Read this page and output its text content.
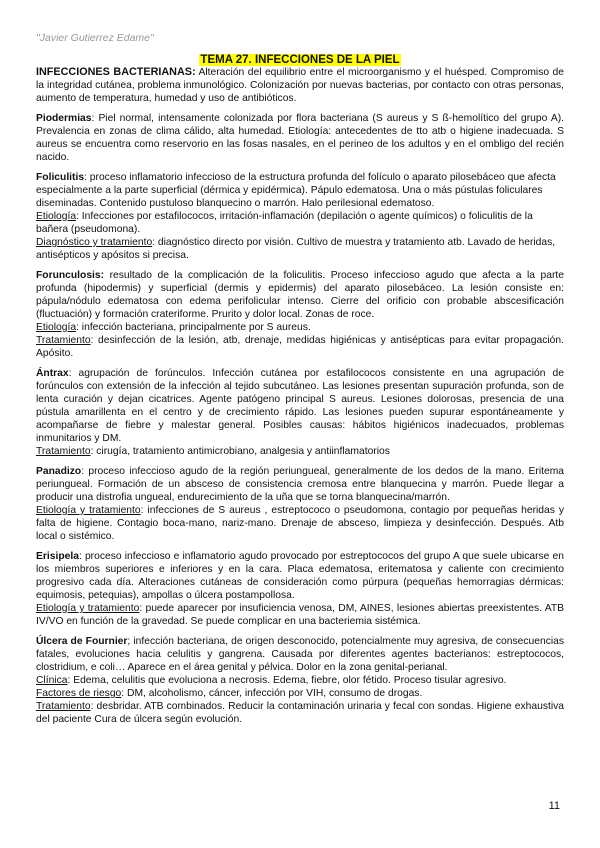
"Javier Gutierrez Edame"
TEMA 27. INFECCIONES DE LA PIEL

INFECCIONES BACTERIANAS: Alteración del equilibrio entre el microorganismo y el huésped. Compromiso de la integridad cutánea, problema inmunológico. Colonización por nuevas bacterias, por contacto con otras personas, aumento de temperatura, humedad y uso de antibióticos.

Piodermias: Piel normal, intensamente colonizada por flora bacteriana (S aureus y S ß-hemolítico del grupo A). Prevalencia en zonas de clima cálido, alta humedad. Etiología: antecedentes de tto atb o higiene inadecuada. S aureus se encuentra como reservorio en las fosas nasales, en el perineo de los adultos y en el ombligo del recién nacido.

Foliculitis: proceso inflamatorio infeccioso de la estructura profunda del folículo o aparato pilosebáceo que afecta especialmente a la parte superficial (dérmica y epidérmica). Pápulo edematosa. Una o más pústulas foliculares diseminadas. Contenido pustuloso blanquecino o marrón. Halo perilesional edematoso.

Etiología: Infecciones por estafilococos, irritación-inflamación (depilación o agente químicos) o foliculitis de la bañera (pseudomona).

Diagnóstico y tratamiento: diagnóstico directo por visión. Cultivo de muestra y tratamiento atb. Lavado de heridas, antisépticos y apósitos si precisa.

Forunculosis: resultado de la complicación de la foliculitis. Proceso infeccioso agudo que afecta a la parte profunda (hipodermis) y superficial (dermis y epidermis) del aparato pilosebáceo. La lesión consiste en: pápula/nódulo edematosa con edema perifolicular intenso. Cierre del orificio con probable abscesificación (fluctuación) y formación crateriforme. Prurito y dolor local. Zonas de roce.

Etiología: infección bacteriana, principalmente por S aureus.

Tratamiento: desinfección de la lesión, atb, drenaje, medidas higiénicas y antisépticas para evitar propagación. Apósito.

Ántrax: agrupación de forúnculos. Infección cutánea por estafilococos consistente en una agrupación de forúnculos con extensión de la infección al tejido subcutáneo. Las lesiones presentan supuración profunda, son de lenta curación y dejan cicatrices. Agente patógeno principal S aureus. Lesiones dolorosas, presencia de una pústula amarillenta en el centro y de crecimiento rápido. Las lesiones pueden supurar espontáneamente y acompañarse de fiebre y malestar general. Posibles causas: hábitos higiénicos inadecuados, problemas inmunitarios y DM.

Tratamiento: cirugía, tratamiento antimicrobiano, analgesia y antiinflamatorios

Panadizo: proceso infeccioso agudo de la región periungueal, generalmente de los dedos de la mano. Eritema periungueal. Formación de un absceso de consistencia cremosa entre blanquecina y marrón. Puede llegar a producir una distrofia ungueal, endurecimiento de la uña que se torna blanquecina/marrón.

Etiología y tratamiento: infecciones de S aureus , estreptococo o pseudomona, contagio por pequeñas heridas y falta de higiene. Contagio boca-mano, nariz-mano. Drenaje de absceso, limpieza y desinfección. Después. Atb local o sistémico.

Erisipela: proceso infeccioso e inflamatorio agudo provocado por estreptococos del grupo A que suele ubicarse en los miembros superiores e inferiores y en la cara. Placa edematosa, eritematosa y caliente con crecimiento progresivo cada día. Alteraciones cutáneas de consideración como púrpura (pequeñas hemorragias dérmicas: equimosis, petequias), ampollas o úlcera postampollosa.

Etiología y tratamiento: puede aparecer por insuficiencia venosa, DM, AINES, lesiones abiertas preexistentes. ATB IV/VO en función de la gravedad. Se puede complicar en una bacteriemia sistémica.

Úlcera de Fournier; infección bacteriana, de origen desconocido, potencialmente muy agresiva, de consecuencias fatales, evoluciones hacia celulitis y gangrena. Causada por diferentes agentes bacterianos: estreptococos, clostridium, e coli… Aparece en el área genital y pélvica. Dolor en la zona genital-perianal.

Clínica: Edema, celulitis que evoluciona a necrosis. Edema, fiebre, olor fétido. Proceso tisular agresivo.

Factores de riesgo: DM, alcoholismo, cáncer, infección por VIH, consumo de drogas.

Tratamiento: desbridar. ATB combinados. Reducir la contaminación urinaria y fecal con sondas. Higiene exhaustiva del paciente Cura de úlcera según evolución.

11
